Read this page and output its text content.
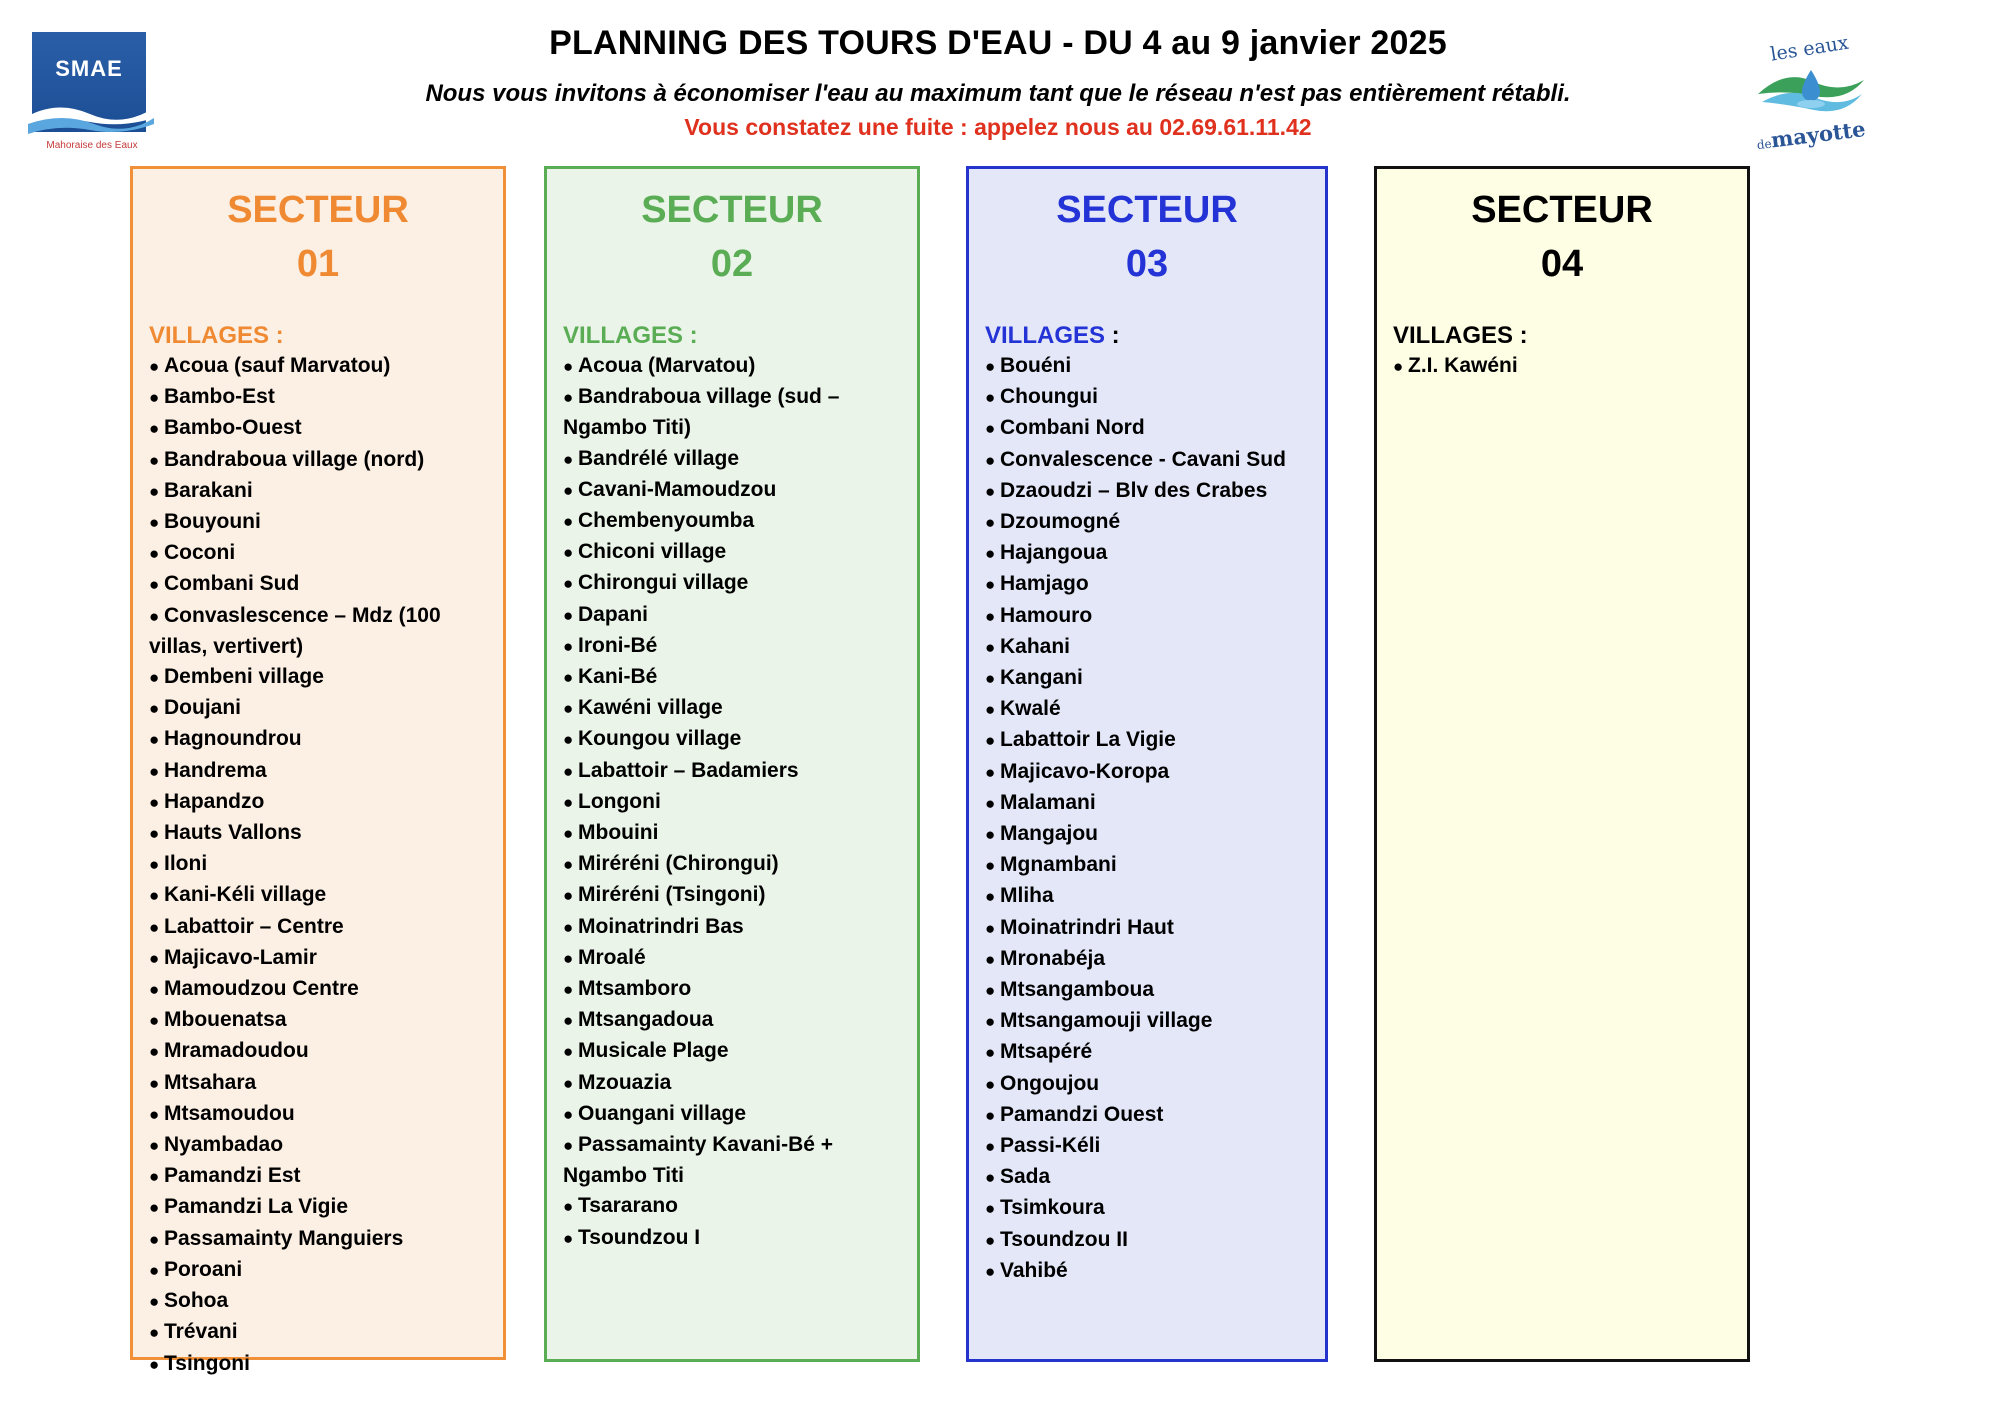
PLANNING DES TOURS D'EAU - DU 4 au 9 janvier 2025
Nous vous invitons à économiser l'eau au maximum tant que le réseau n'est pas entièrement rétabli.
Vous constatez une fuite : appelez nous au 02.69.61.11.42
SMAE
Mahoraise des Eaux
les eaux
demayotte
SECTEUR
01
VILLAGES :
● Acoua (sauf Marvatou)
● Bambo-Est
● Bambo-Ouest
● Bandraboua village (nord)
● Barakani
● Bouyouni
● Coconi
● Combani Sud
● Convaslescence – Mdz (100 villas, vertivert)
● Dembeni village
● Doujani
● Hagnoundrou
● Handrema
● Hapandzo
● Hauts Vallons
● Iloni
● Kani-Kéli village
● Labattoir – Centre
● Majicavo-Lamir
● Mamoudzou Centre
● Mbouenatsa
● Mramadoudou
● Mtsahara
● Mtsamoudou
● Nyambadao
● Pamandzi Est
● Pamandzi La Vigie
● Passamainty Manguiers
● Poroani
● Sohoa
● Trévani
● Tsingoni
SECTEUR
02
VILLAGES :
● Acoua (Marvatou)
● Bandraboua village (sud – Ngambo Titi)
● Bandrélé village
● Cavani-Mamoudzou
● Chembenyoumba
● Chiconi village
● Chirongui village
● Dapani
● Ironi-Bé
● Kani-Bé
● Kawéni village
● Koungou village
● Labattoir – Badamiers
● Longoni
● Mbouini
● Miréréni (Chirongui)
● Miréréni (Tsingoni)
● Moinatrindri Bas
● Mroalé
● Mtsamboro
● Mtsangadoua
● Musicale Plage
● Mzouazia
● Ouangani village
● Passamainty Kavani-Bé + Ngambo Titi
● Tsararano
● Tsoundzou I
SECTEUR
03
VILLAGES :
● Bouéni
● Choungui
● Combani Nord
● Convalescence - Cavani Sud
● Dzaoudzi – Blv des Crabes
● Dzoumogné
● Hajangoua
● Hamjago
● Hamouro
● Kahani
● Kangani
● Kwalé
● Labattoir La Vigie
● Majicavo-Koropa
● Malamani
● Mangajou
● Mgnambani
● Mliha
● Moinatrindri Haut
● Mronabéja
● Mtsangamboua
● Mtsangamouji village
● Mtsapéré
● Ongoujou
● Pamandzi Ouest
● Passi-Kéli
● Sada
● Tsimkoura
● Tsoundzou II
● Vahibé
SECTEUR
04
VILLAGES :
● Z.I. Kawéni
